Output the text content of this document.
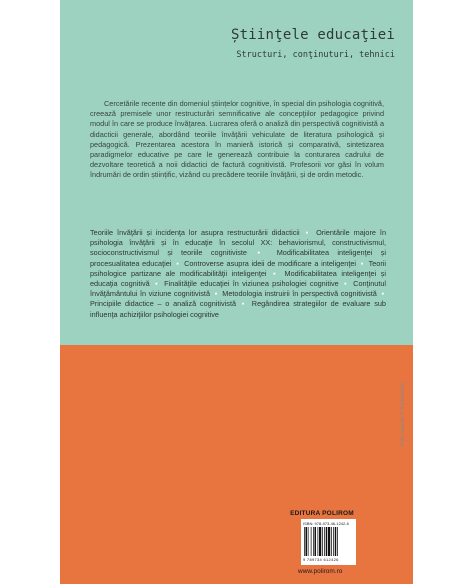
Știinţele educaţiei
Structuri, conţinuturi, tehnici

Cercetările recente din domeniul științelor cognitive, în special din psihologia cognitivă, creează premisele unor restructurări semnificative ale concepţiilor pedagogice privind modul în care se produce învăţarea. Lucrarea oferă o analiză din perspectivă cognitivistă a didacticii generale, abordând teoriile învăţării vehiculate de literatura psihologică și pedagogică. Prezentarea acestora în manieră istorică și comparativă, sintetizarea paradigmelor educative pe care le generează contribuie la conturarea cadrului de dezvoltare teoretică a noii didactici de factură cognitivistă. Profesorii vor găsi în volum îndrumări de ordin științific, vizând cu precădere teoriile învăţării, și de ordin metodic.

Teoriile învăţării și incidenţa lor asupra restructurării didacticii ▪ Orientările majore în psihologia învăţării și în educaţie în secolul XX: behaviorismul, constructivismul, socioconstructivismul și teoriile cognitiviste ▪ Modificabilitatea inteligenţei și procesualitatea educaţiei ▪ Controverse asupra ideii de modificare a inteligenţei ▪ Teorii psihologice partizane ale modificabilităţii inteligenţei ▪ Modificabilitatea inteligenţei și educaţia cognitivă ▪ Finalităţile educaţiei în viziunea psihologiei cognitive ▪ Conţinutul învăţământului în viziune cognitivistă ▪ Metodologia instruirii în perspectivă cognitivistă ▪ Principiile didactice – o analiză cognitivistă ▪ Regândirea strategiilor de evaluare sub influenţa achiziţiilor psihologiei cognitive

Foto copertă: © Shutterstock
EDITURA POLIROM
ISBN: 978-973-46-1242-6
9 789734 612426
www.polirom.ro
